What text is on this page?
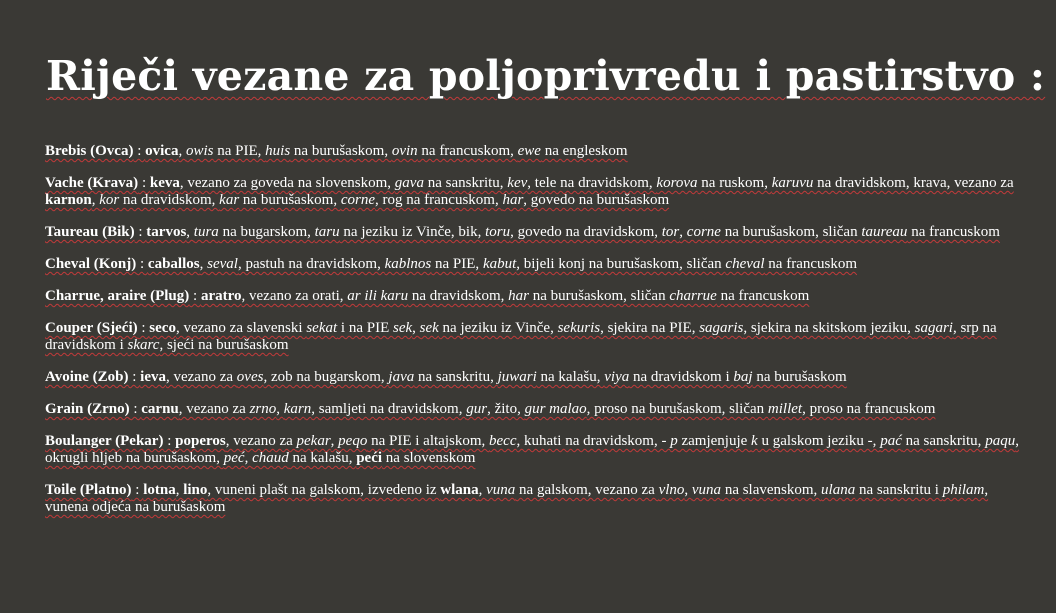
Riječi vezane za poljoprivredu i pastirstvo :

Brebis (Ovca) : ovica, owis na PIE, huis na burušaskom, ovin na francuskom, ewe na engleskom

Vache (Krava) : keva, vezano za goveda na slovenskom, gava na sanskritu, kev, tele na dravidskom, korova na ruskom, karuvu na dravidskom, krava, vezano za karnon, kor na dravidskom, kar na burušaskom, corne, rog na francuskom, har, govedo na burušaskom

Taureau (Bik) : tarvos, tura na bugarskom, taru na jeziku iz Vinče, bik, toru, govedo na dravidskom, tor, corne na burušaskom, sličan taureau na francuskom

Cheval (Konj) : caballos, seval, pastuh na dravidskom, kablnos na PIE, kabut, bijeli konj na burušaskom, sličan cheval na francuskom

Charrue, araire (Plug) : aratro, vezano za orati, ar ili karu na dravidskom, har na burušaskom, sličan charrue na francuskom

Couper (Sjeći) : seco, vezano za slavenski sekat i na PIE sek, sek na jeziku iz Vinče, sekuris, sjekira na PIE, sagaris, sjekira na skitskom jeziku, sagari, srp na dravidskom i skarc, sjeći na burušaskom

Avoine (Zob) : ieva, vezano za oves, zob na bugarskom, java na sanskritu, juwari na kalašu, viya na dravidskom i baj na burušaskom

Grain (Zrno) : carnu, vezano za zrno, karn, samljeti na dravidskom, gur, žito, gur malao, proso na burušaskom, sličan millet, proso na francuskom

Boulanger (Pekar) : poperos, vezano za pekar, peqo na PIE i altajskom, becc, kuhati na dravidskom, - p zamjenjuje k u galskom jeziku -, pać na sanskritu, paqu, okrugli hljeb na burušaskom, peć, chaud na kalašu, peći na slovenskom

Toile (Platno) : lotna, lino, vuneni plašt na galskom, izvedeno iz wlana, vuna na galskom, vezano za vlno, vuna na slavenskom, ulana na sanskritu i philam, vunena odjeća na burušaskom
